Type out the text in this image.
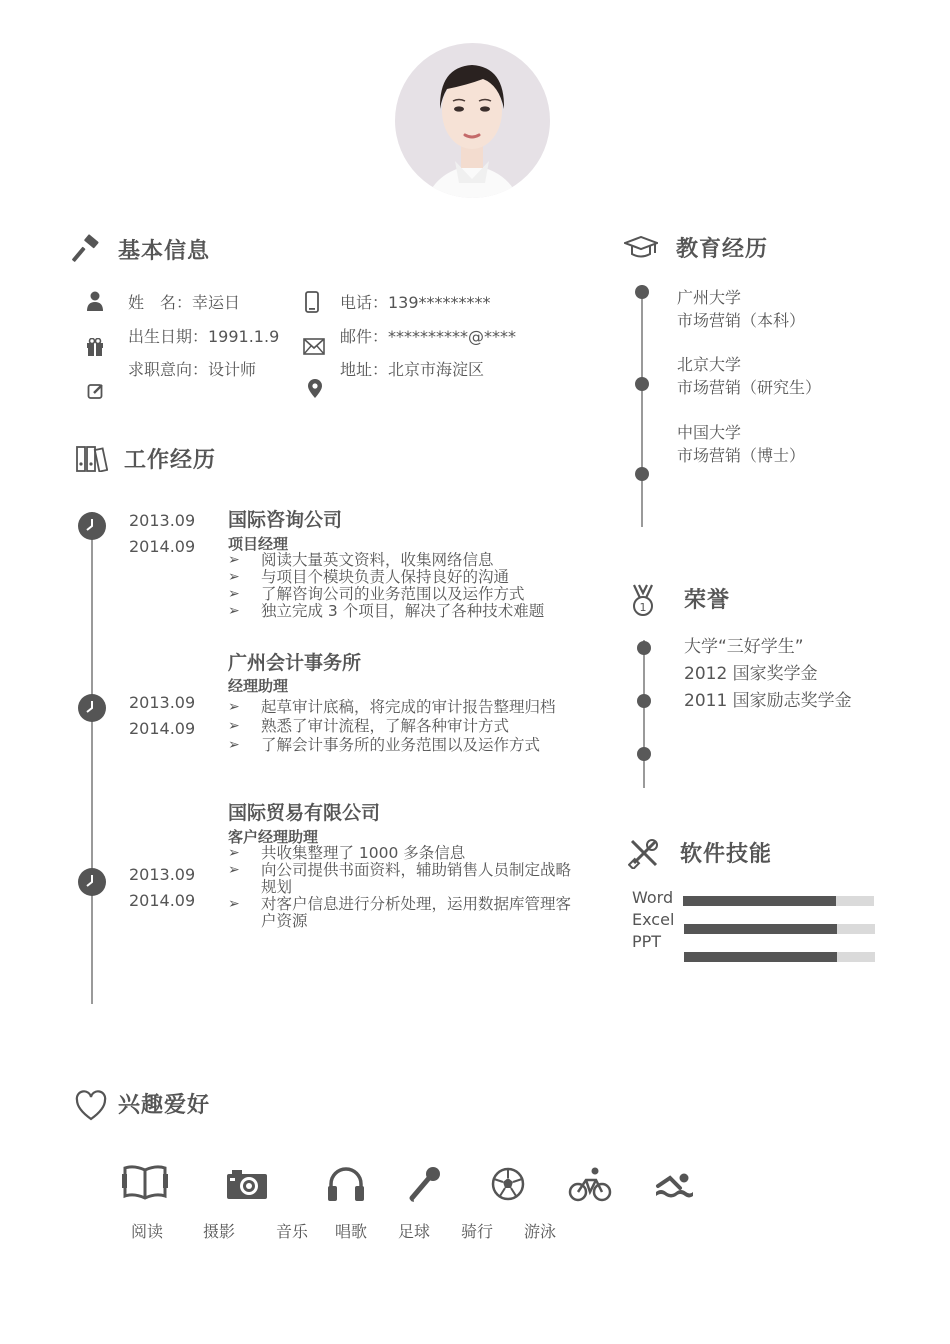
基本信息
姓　名：幸运日
出生日期：1991.1.9
求职意向：设计师
电话：139*********
邮件：**********@****
地址：北京市海淀区
工作经历
2013.09
2014.09
国际咨询公司
项目经理
➢ 阅读大量英文资料，收集网络信息
➢ 与项目个模块负责人保持良好的沟通
➢ 了解咨询公司的业务范围以及运作方式
➢ 独立完成 3 个项目，解决了各种技术难题
2013.09
2014.09
广州会计事务所
经理助理
➢ 起草审计底稿，将完成的审计报告整理归档
➢ 熟悉了审计流程，了解各种审计方式
➢ 了解会计事务所的业务范围以及运作方式
2013.09
2014.09
国际贸易有限公司
客户经理助理
➢ 共收集整理了 1000 多条信息
➢ 向公司提供书面资料，辅助销售人员制定战略规划
➢ 对客户信息进行分析处理，运用数据库管理客户资源
教育经历
广州大学
市场营销（本科）
北京大学
市场营销（研究生）
中国大学
市场营销（博士）
1 荣誉
大学“三好学生”
2012 国家奖学金
2011 国家励志奖学金
软件技能
Word
Excel
PPT
兴趣爱好
阅读 摄影	音乐 唱歌 足球 骑行 游泳
